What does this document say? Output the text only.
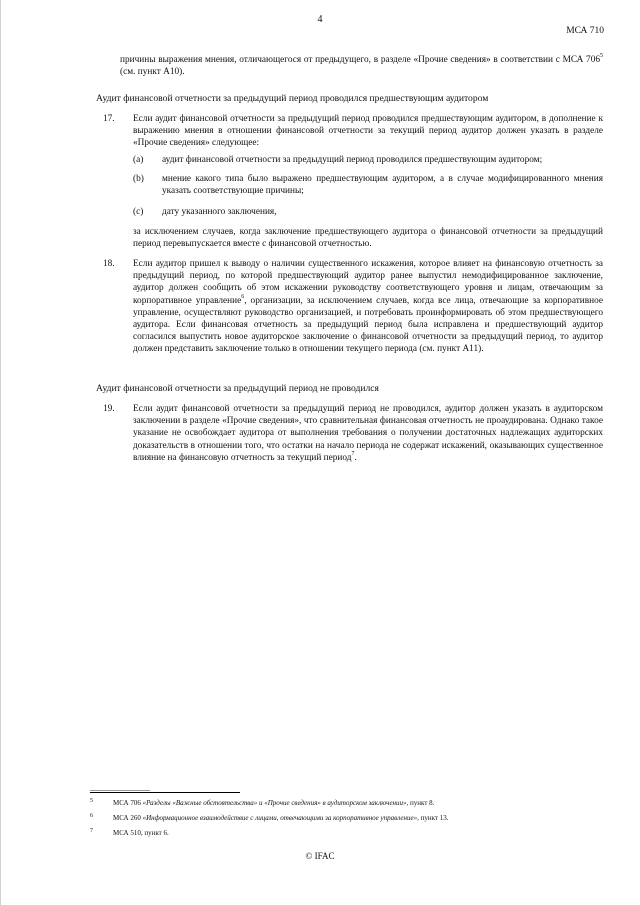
4
МСА 710
причины выражения мнения, отличающегося от предыдущего, в разделе «Прочие сведения» в соответствии с МСА $706^5$ (см. пункт А10).
Аудит финансовой отчетности за предыдущий период проводился предшествующим аудитором
17. Если аудит финансовой отчетности за предыдущий период проводился предшествующим аудитором, в дополнение к выражению мнения в отношении финансовой отчетности за текущий период аудитор должен указать в разделе «Прочие сведения» следующее:
(a) аудит финансовой отчетности за предыдущий период проводился предшествующим аудитором;
(b) мнение какого типа было выражено предшествующим аудитором, а в случае модифицированного мнения указать соответствующие причины;
(c) дату указанного заключения,
за исключением случаев, когда заключение предшествующего аудитора о финансовой отчетности за предыдущий период перевыпускается вместе с финансовой отчетностью.
18. Если аудитор пришел к выводу о наличии существенного искажения, которое влияет на финансовую отчетность за предыдущий период, по которой предшествующий аудитор ранее выпустил немодифицированное заключение, аудитор должен сообщить об этом искажении руководству соответствующего уровня и лицам, отвечающим за корпоративное управление$^6$, организации, за исключением случаев, когда все лица, отвечающие за корпоративное управление, осуществляют руководство организацией, и потребовать проинформировать об этом предшествующего аудитора. Если финансовая отчетность за предыдущий период была исправлена и предшествующий аудитор согласился выпустить новое аудиторское заключение о финансовой отчетности за предыдущий период, то аудитор должен представить заключение только в отношении текущего периода (см. пункт А11).
Аудит финансовой отчетности за предыдущий период не проводился
19. Если аудит финансовой отчетности за предыдущий период не проводился, аудитор должен указать в аудиторском заключении в разделе «Прочие сведения», что сравнительная финансовая отчетность не проаудирована. Однако такое указание не освобождает аудитора от выполнения требования о получении достаточных надлежащих аудиторских доказательств в отношении того, что остатки на начало периода не содержат искажений, оказывающих существенное влияние на финансовую отчетность за текущий период$^7$.
5	МСА 706 «Разделы «Важные обстоятельства» и «Прочие сведения» в аудиторском заключении», пункт 8.
6	МСА 260 «Информационное взаимодействие с лицами, отвечающими за корпоративное управление», пункт 13.
7	МСА 510, пункт 6.
© IFAC
